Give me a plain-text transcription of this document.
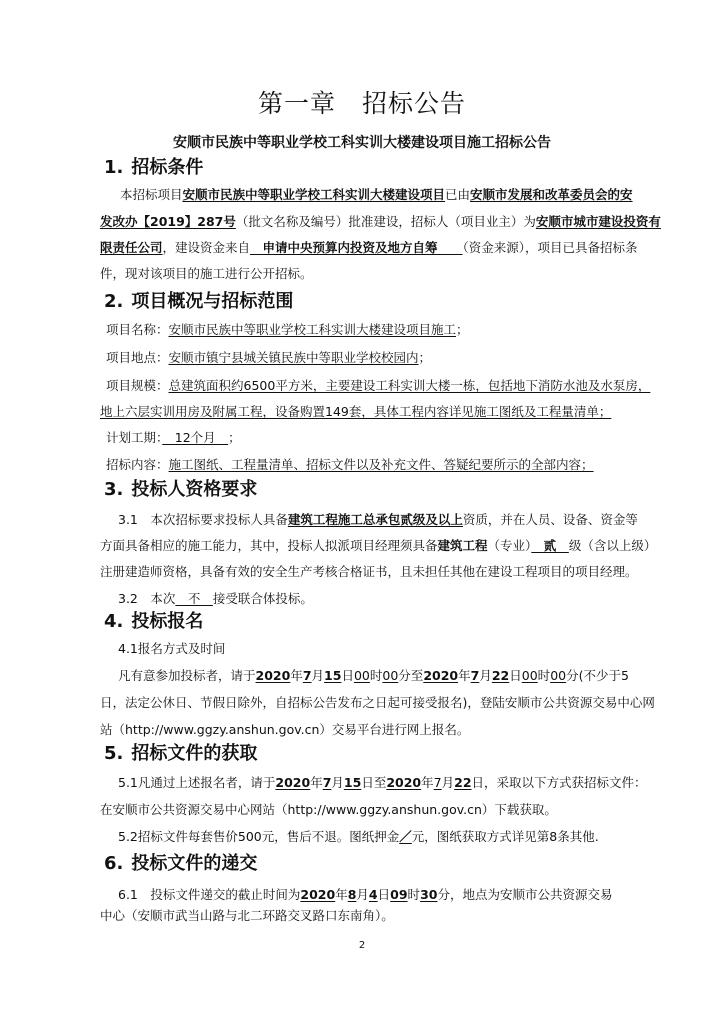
第一章　招标公告
安顺市民族中等职业学校工科实训大楼建设项目施工招标公告
1. 招标条件
本招标项目安顺市民族中等职业学校工科实训大楼建设项目已由安顺市发展和改革委员会的安
发改办【2019】287号（批文名称及编号）批准建设，招标人（项目业主）为安顺市城市建设投资有
限责任公司，建设资金来自　申请中央预算内投资及地方自筹　　（资金来源），项目已具备招标条
件，现对该项目的施工进行公开招标。
2. 项目概况与招标范围
项目名称：安顺市民族中等职业学校工科实训大楼建设项目施工；
项目地点：安顺市镇宁县城关镇民族中等职业学校校园内；
项目规模：总建筑面积约6500平方米，主要建设工科实训大楼一栋，包括地下消防水池及水泵房，
地上六层实训用房及附属工程，设备购置149套，具体工程内容详见施工图纸及工程量清单；
计划工期：　12个月　；
招标内容：施工图纸、工程量清单、招标文件以及补充文件、答疑纪要所示的全部内容；
3. 投标人资格要求
3.1　本次招标要求投标人具备建筑工程施工总承包贰级及以上资质，并在人员、设备、资金等
方面具备相应的施工能力，其中，投标人拟派项目经理须具备建筑工程（专业）　贰　级（含以上级）
注册建造师资格，具备有效的安全生产考核合格证书，且未担任其他在建设工程项目的项目经理。
3.2　本次　不　接受联合体投标。
4. 投标报名
4.1报名方式及时间
凡有意参加投标者，请于2020年7月15日00时00分至2020年7月22日00时00分(不少于5
日，法定公休日、节假日除外，自招标公告发布之日起可接受报名)，登陆安顺市公共资源交易中心网
站（http://www.ggzy.anshun.gov.cn）交易平台进行网上报名。
5. 招标文件的获取
5.1凡通过上述报名者，请于2020年7月15日至2020年7月22日，采取以下方式获招标文件：
在安顺市公共资源交易中心网站（http://www.ggzy.anshun.gov.cn）下载获取。
5.2招标文件每套售价500元，售后不退。图纸押金／元，图纸获取方式详见第8条其他.
6. 投标文件的递交
6.1　投标文件递交的截止时间为2020年8月4日09时30分，地点为安顺市公共资源交易
中心（安顺市武当山路与北二环路交叉路口东南角）。
2
